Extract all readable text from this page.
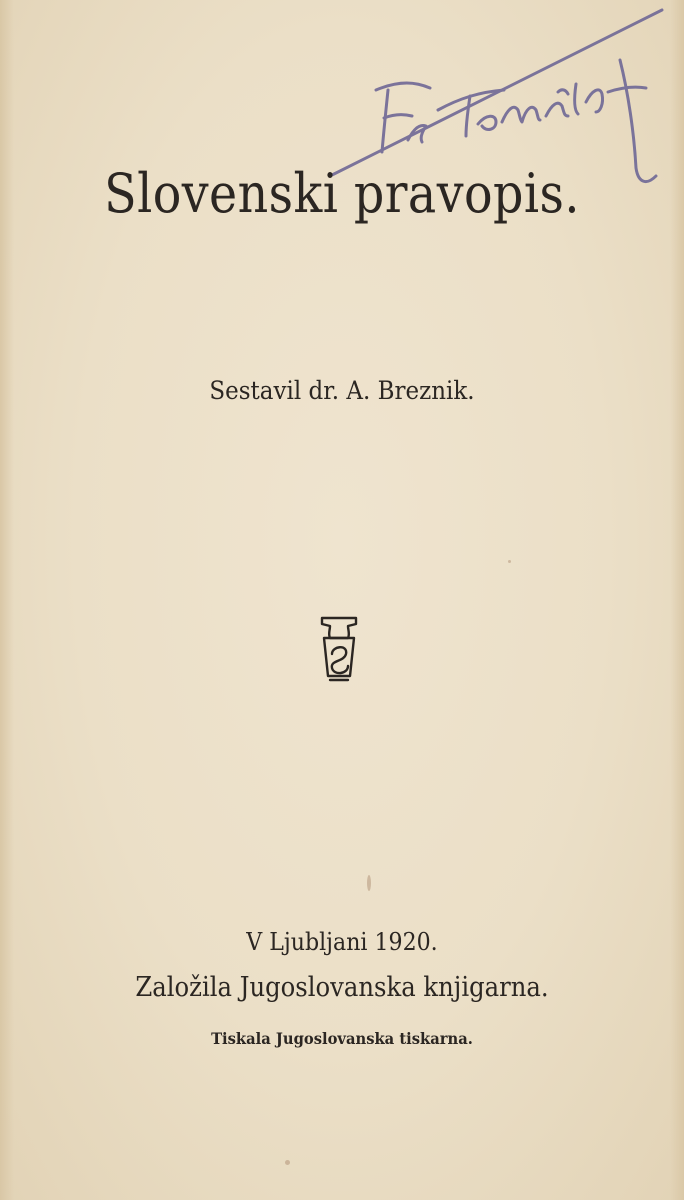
Fr. Tomšič
Slovenski pravopis.
Sestavil dr. A. Breznik.
V Ljubljani 1920.
Založila Jugoslovanska knjigarna.
Tiskala Jugoslovanska tiskarna.
